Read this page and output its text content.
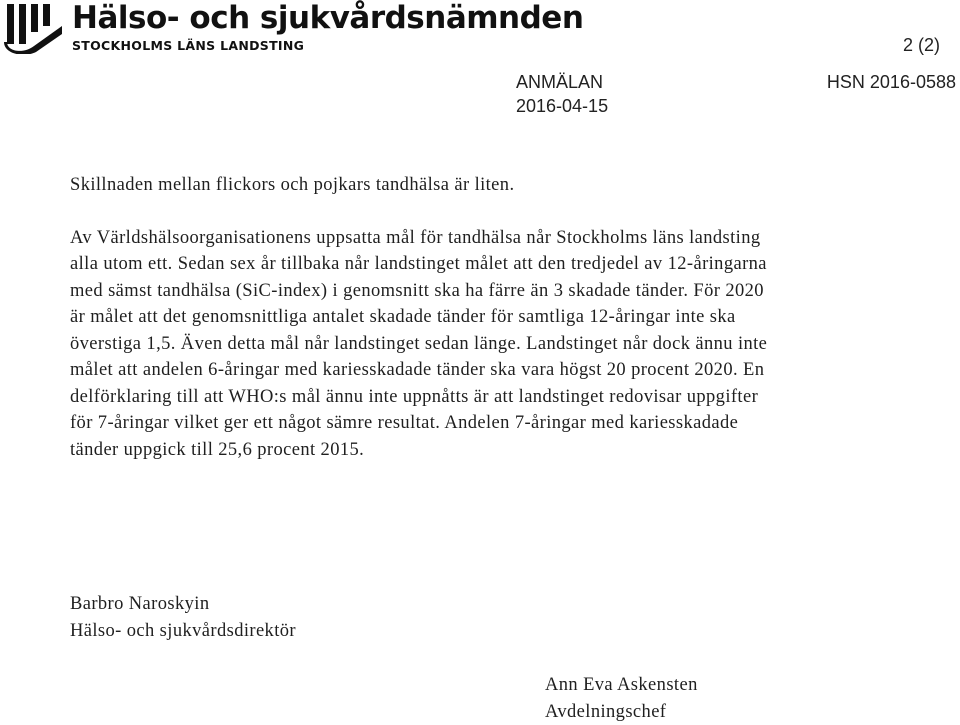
Hälso- och sjukvårdsnämnden
STOCKHOLMS LÄNS LANDSTING	2 (2)
ANMÄLAN
2016-04-15
HSN 2016-0588

Skillnaden mellan flickors och pojkars tandhälsa är liten.

Av Världshälsoorganisationens uppsatta mål för tandhälsa når Stockholms läns landsting alla utom ett. Sedan sex år tillbaka når landstinget målet att den tredjedel av 12-åringarna med sämst tandhälsa (SiC-index) i genomsnitt ska ha färre än 3 skadade tänder. För 2020 är målet att det genomsnittliga antalet skadade tänder för samtliga 12-åringar inte ska överstiga 1,5. Även detta mål når landstinget sedan länge. Landstinget når dock ännu inte målet att andelen 6-åringar med kariesskadade tänder ska vara högst 20 procent 2020. En delförklaring till att WHO:s mål ännu inte uppnåtts är att landstinget redovisar uppgifter för 7-åringar vilket ger ett något sämre resultat. Andelen 7-åringar med kariesskadade tänder uppgick till 25,6 procent 2015.

Barbro Naroskyin
Hälso- och sjukvårdsdirektör
Ann Eva Askensten
Avdelningschef
